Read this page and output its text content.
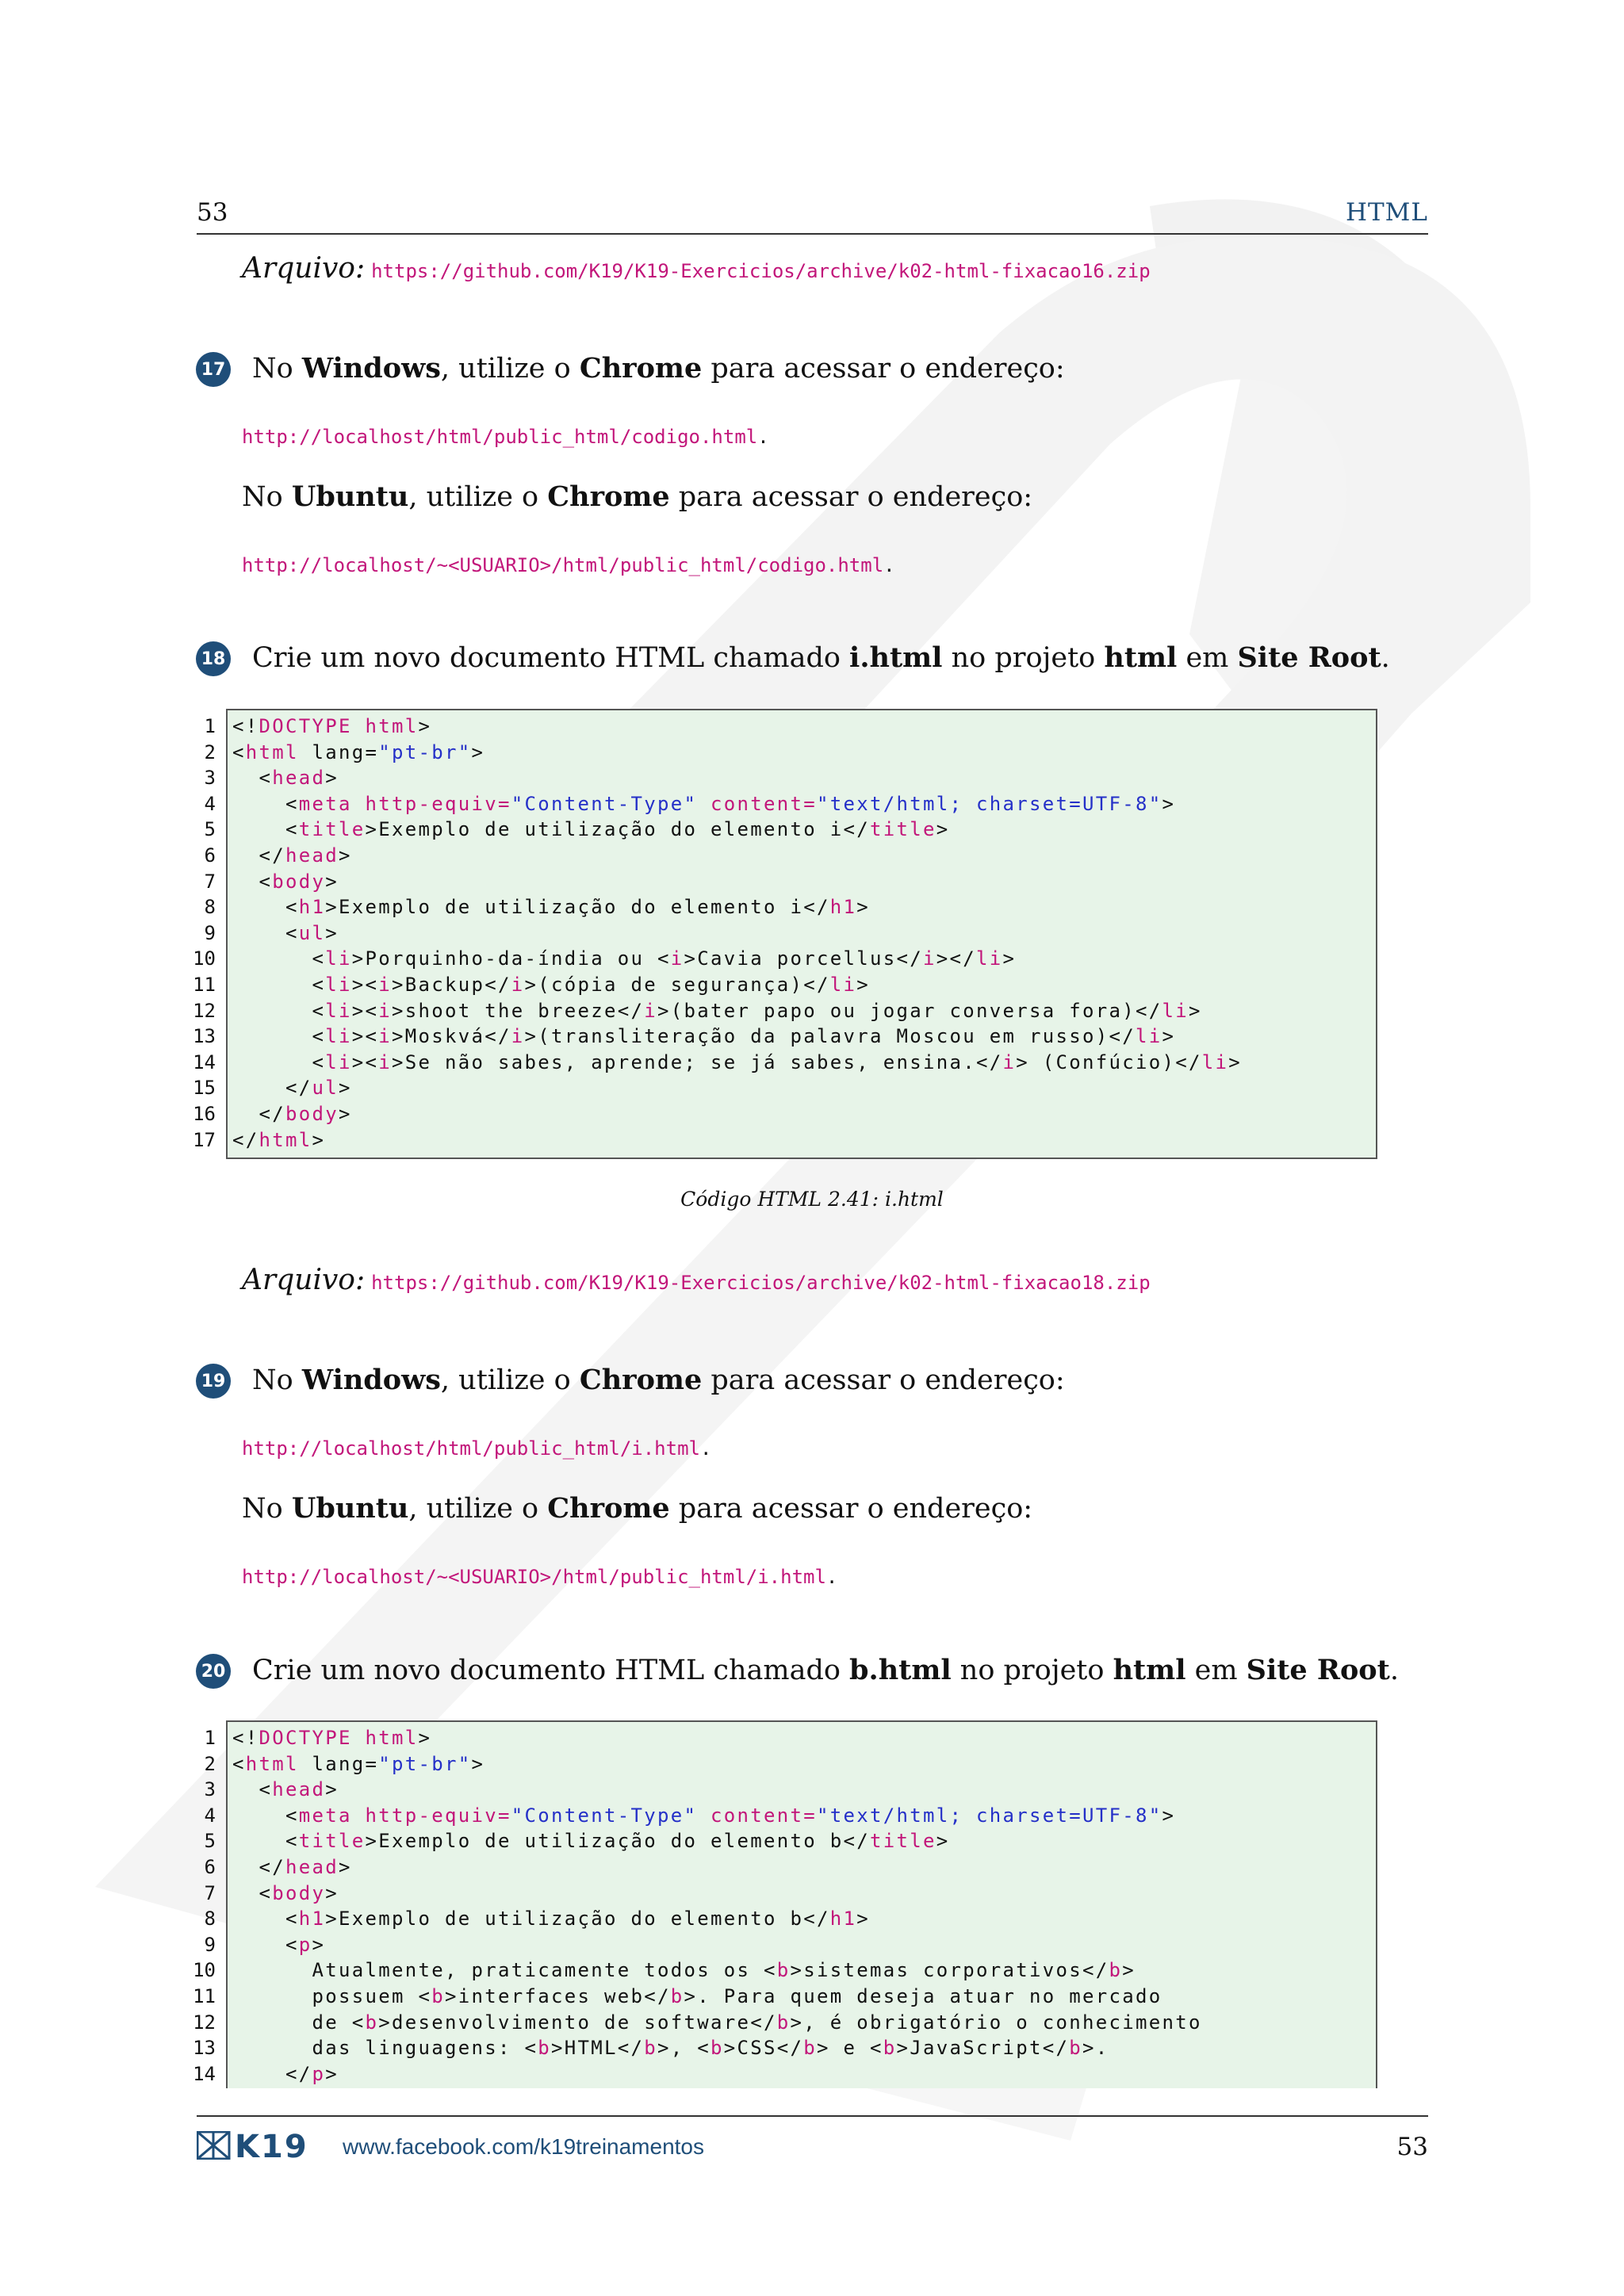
53	HTML
Arquivo: https://github.com/K19/K19-Exercicios/archive/k02-html-fixacao16.zip
17 No Windows, utilize o Chrome para acessar o endereço:
http://localhost/html/public_html/codigo.html.
No Ubuntu, utilize o Chrome para acessar o endereço:
http://localhost/~<USUARIO>/html/public_html/codigo.html.
18 Crie um novo documento HTML chamado i.html no projeto html em Site Root.
1
2
3
4
5
6
7
8
9
10
11
12
13
14
15
16
17
<!DOCTYPE html>
<html lang="pt-br">
<head>
<meta http-equiv="Content-Type" content="text/html; charset=UTF-8">
<title>Exemplo de utilização do elemento i</title>
</head>
<body>
<h1>Exemplo de utilização do elemento i</h1>
<ul>
<li>Porquinho-da-índia ou <i>Cavia porcellus</i></li>
<li><i>Backup</i>(cópia de segurança)</li>
<li><i>shoot the breeze</i>(bater papo ou jogar conversa fora)</li>
<li><i>Moskvá</i>(transliteração da palavra Moscou em russo)</li>
<li><i>Se não sabes, aprende; se já sabes, ensina.</i> (Confúcio)</li>
</ul>
</body>
</html>
Código HTML 2.41: i.html
Arquivo: https://github.com/K19/K19-Exercicios/archive/k02-html-fixacao18.zip
19 No Windows, utilize o Chrome para acessar o endereço:
http://localhost/html/public_html/i.html.
No Ubuntu, utilize o Chrome para acessar o endereço:
http://localhost/~<USUARIO>/html/public_html/i.html.
20 Crie um novo documento HTML chamado b.html no projeto html em Site Root.
1
2
3
4
5
6
7
8
9
10
11
12
13
14
<!DOCTYPE html>
<html lang="pt-br">
<head>
<meta http-equiv="Content-Type" content="text/html; charset=UTF-8">
<title>Exemplo de utilização do elemento b</title>
</head>
<body>
<h1>Exemplo de utilização do elemento b</h1>
<p>
Atualmente, praticamente todos os <b>sistemas corporativos</b>
possuem <b>interfaces web</b>. Para quem deseja atuar no mercado
de <b>desenvolvimento de software</b>, é obrigatório o conhecimento
das linguagens: <b>HTML</b>, <b>CSS</b> e <b>JavaScript</b>.
</p>
K19 www.facebook.com/k19treinamentos	53
